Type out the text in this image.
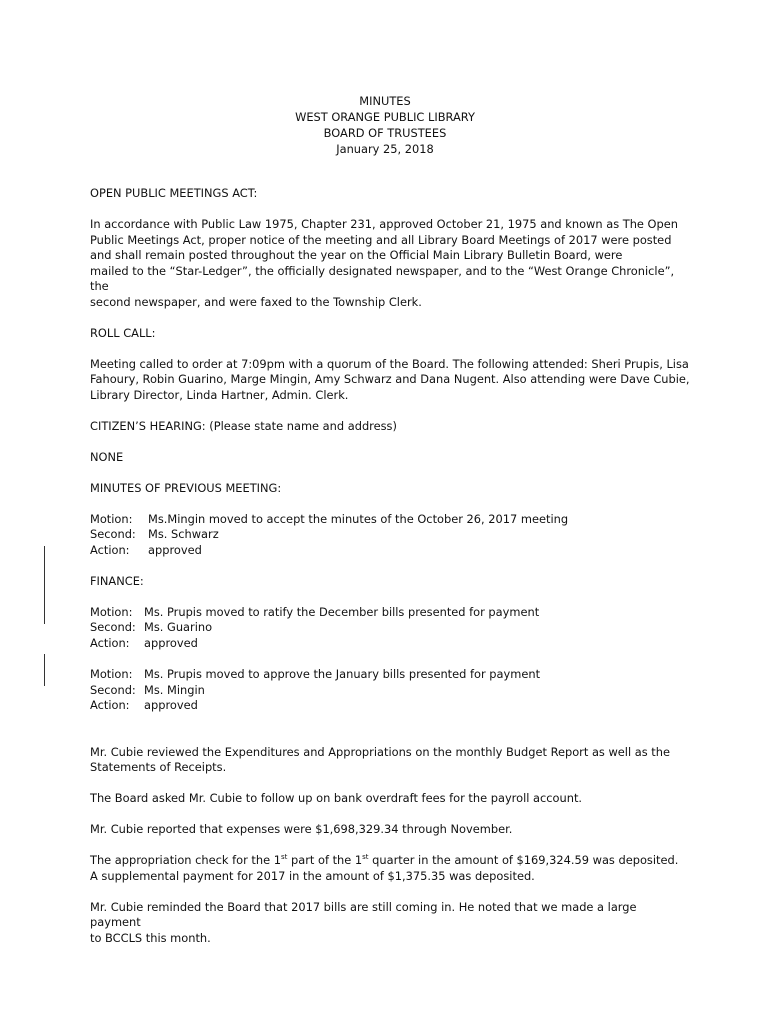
MINUTES
WEST ORANGE PUBLIC LIBRARY
BOARD OF TRUSTEES
January 25, 2018
OPEN PUBLIC MEETINGS ACT:
In accordance with Public Law 1975, Chapter 231, approved October 21, 1975 and known as The Open
Public Meetings Act, proper notice of the meeting and all Library Board Meetings of 2017 were posted
and shall remain posted throughout the year on the Official Main Library Bulletin Board, were
mailed to the “Star-Ledger”, the officially designated newspaper, and to the “West Orange Chronicle”, the
second newspaper, and were faxed to the Township Clerk.
ROLL CALL:
Meeting called to order at 7:09pm with a quorum of the Board. The following attended: Sheri Prupis, Lisa
Fahoury, Robin Guarino, Marge Mingin, Amy Schwarz and Dana Nugent. Also attending were Dave Cubie,
Library Director, Linda Hartner, Admin. Clerk.
CITIZEN’S HEARING: (Please state name and address)
NONE
MINUTES OF PREVIOUS MEETING:
Motion:	Ms.Mingin moved to accept the minutes of the October 26, 2017 meeting
Second:	Ms. Schwarz
Action:	approved
FINANCE:
Motion:	Ms. Prupis moved to ratify the December bills presented for payment
Second: Ms. Guarino
Action:	approved
Motion:	Ms. Prupis moved to approve the January bills presented for payment
Second: Ms. Mingin
Action:	approved
Mr. Cubie reviewed the Expenditures and Appropriations on the monthly Budget Report as well as the
Statements of Receipts.
The Board asked Mr. Cubie to follow up on bank overdraft fees for the payroll account.
Mr. Cubie reported that expenses were $1,698,329.34 through November.
The appropriation check for the 1st part of the 1st quarter in the amount of $169,324.59 was deposited.
A supplemental payment for 2017 in the amount of $1,375.35 was deposited.
Mr. Cubie reminded the Board that 2017 bills are still coming in. He noted that we made a large payment
to BCCLS this month.
